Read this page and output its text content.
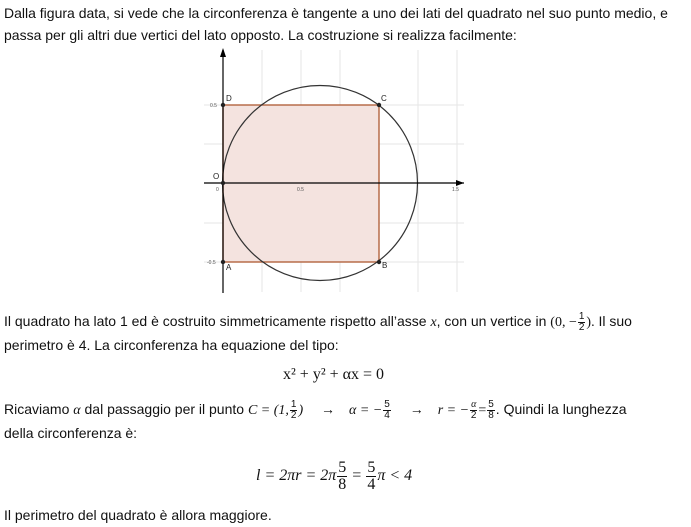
Dalla figura data, si vede che la circonferenza è tangente a uno dei lati del quadrato nel suo punto medio, e
passa per gli altri due vertici del lato opposto. La costruzione si realizza facilmente:
D	C
B
A
O
0	0.5	1.5
0.5
-0.5
Il quadrato ha lato 1 ed è costruito simmetricamente rispetto all’asse x, con un vertice in (0, − $\frac{1}{2}$ ). Il suo
perimetro è 4. La circonferenza ha equazione del tipo:
x² + y² + αx = 0
Ricaviamo α dal passaggio per il punto C = (1, $\frac{1}{2}$ ) → α = − $\frac{5}{4} \to r$ = − $\frac{\alpha}{2} = \frac{5}{8}$ . Quindi la lunghezza
della circonferenza è:
$l = 2\pi r = 2\pi \frac{5}{8} = \frac{5}{4}$ π < 4
Il perimetro del quadrato è allora maggiore.
